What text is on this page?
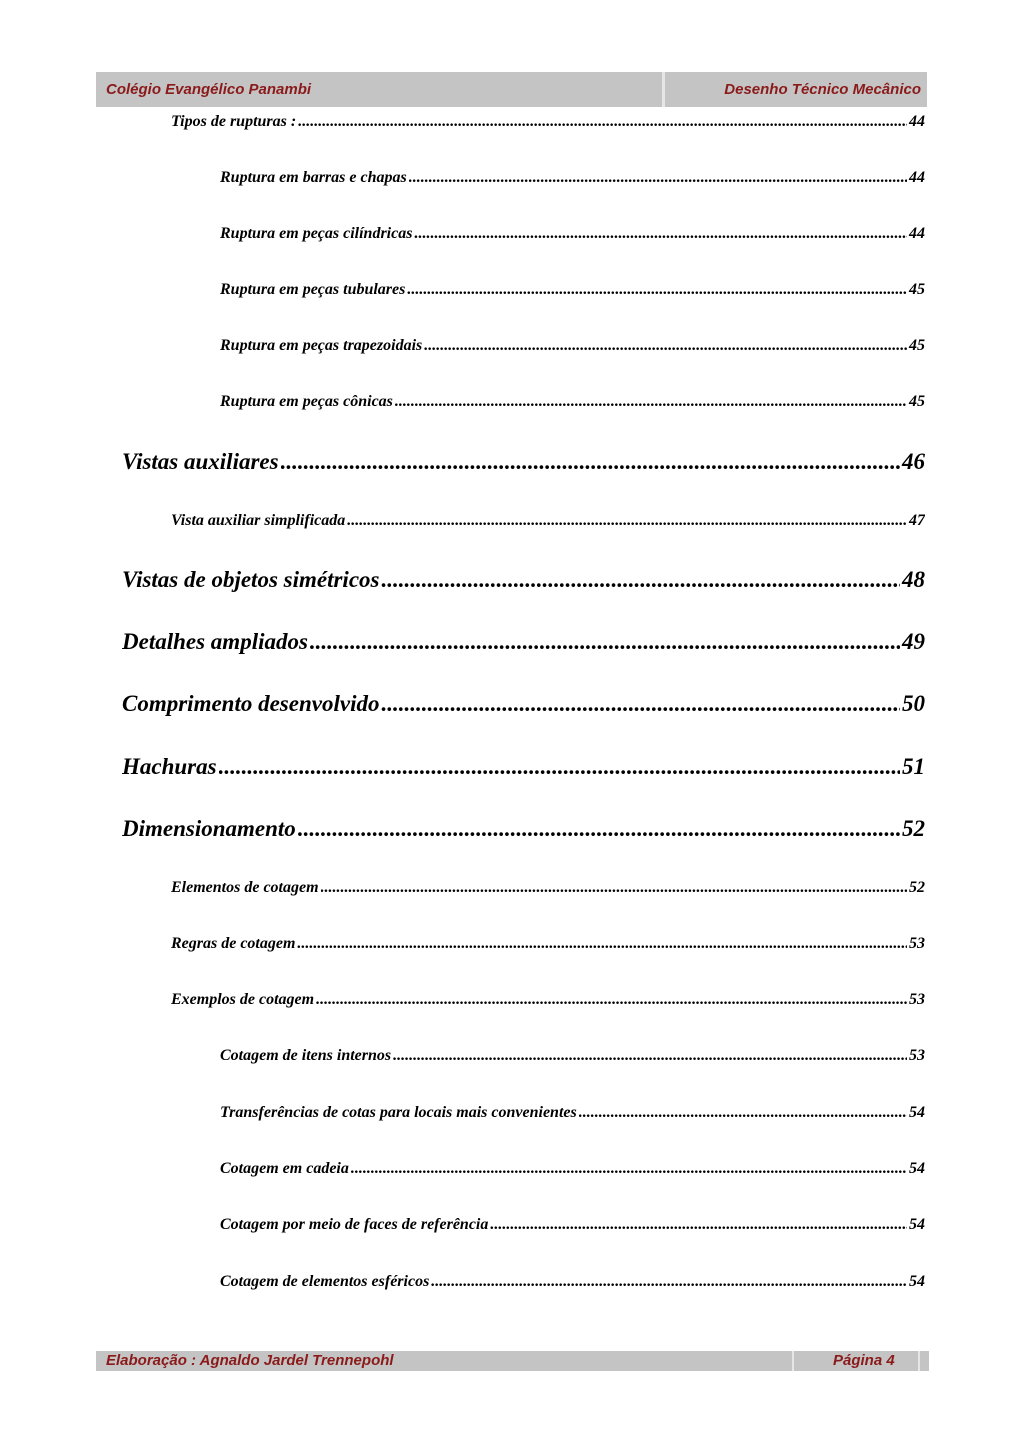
Colégio Evangélico Panambi	Desenho Técnico Mecânico
Tipos de rupturas : .....	44
Ruptura em barras e chapas .....	44
Ruptura em peças cilíndricas .....	44
Ruptura em peças tubulares .....	45
Ruptura em peças trapezoidais .....	45
Ruptura em peças cônicas .....	45
Vistas auxiliares .....	46
Vista auxiliar simplificada .....	47
Vistas de objetos simétricos .....	48
Detalhes ampliados .....	49
Comprimento desenvolvido .....	50
Hachuras .....	51
Dimensionamento .....	52
Elementos de cotagem .....	52
Regras de cotagem .....	53
Exemplos de cotagem .....	53
Cotagem de itens internos .....	53
Transferências de cotas para locais mais convenientes .....	54
Cotagem em cadeia .....	54
Cotagem por meio de faces de referência .....	54
Cotagem de elementos esféricos .....	54
Elaboração : Agnaldo Jardel Trennepohl	Página 4
